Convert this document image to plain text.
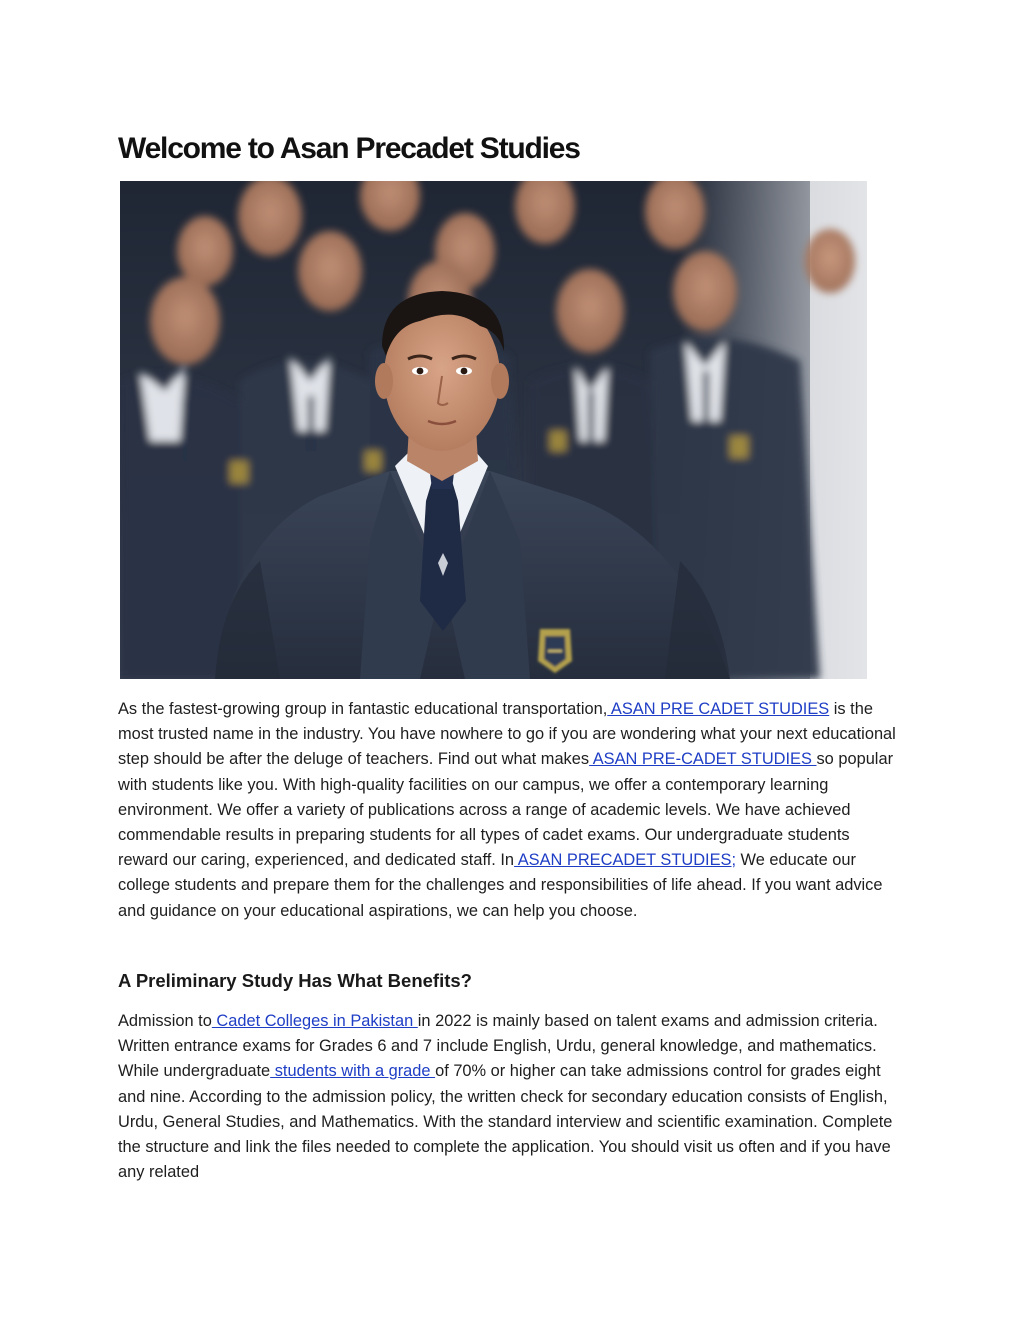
Welcome to Asan Precadet Studies

As the fastest-growing group in fantastic educational transportation, ASAN PRE CADET STUDIES is the most trusted name in the industry. You have nowhere to go if you are wondering what your next educational step should be after the deluge of teachers. Find out what makes ASAN PRE-CADET STUDIES so popular with students like you. With high-quality facilities on our campus, we offer a contemporary learning environment. We offer a variety of publications across a range of academic levels. We have achieved commendable results in preparing students for all types of cadet exams. Our undergraduate students reward our caring, experienced, and dedicated staff. In ASAN PRECADET STUDIES; We educate our college students and prepare them for the challenges and responsibilities of life ahead. If you want advice and guidance on your educational aspirations, we can help you choose.

A Preliminary Study Has What Benefits?

Admission to Cadet Colleges in Pakistan in 2022 is mainly based on talent exams and admission criteria. Written entrance exams for Grades 6 and 7 include English, Urdu, general knowledge, and mathematics. While undergraduate students with a grade of 70% or higher can take admissions control for grades eight and nine. According to the admission policy, the written check for secondary education consists of English, Urdu, General Studies, and Mathematics. With the standard interview and scientific examination. Complete the structure and link the files needed to complete the application. You should visit us often and if you have any related
